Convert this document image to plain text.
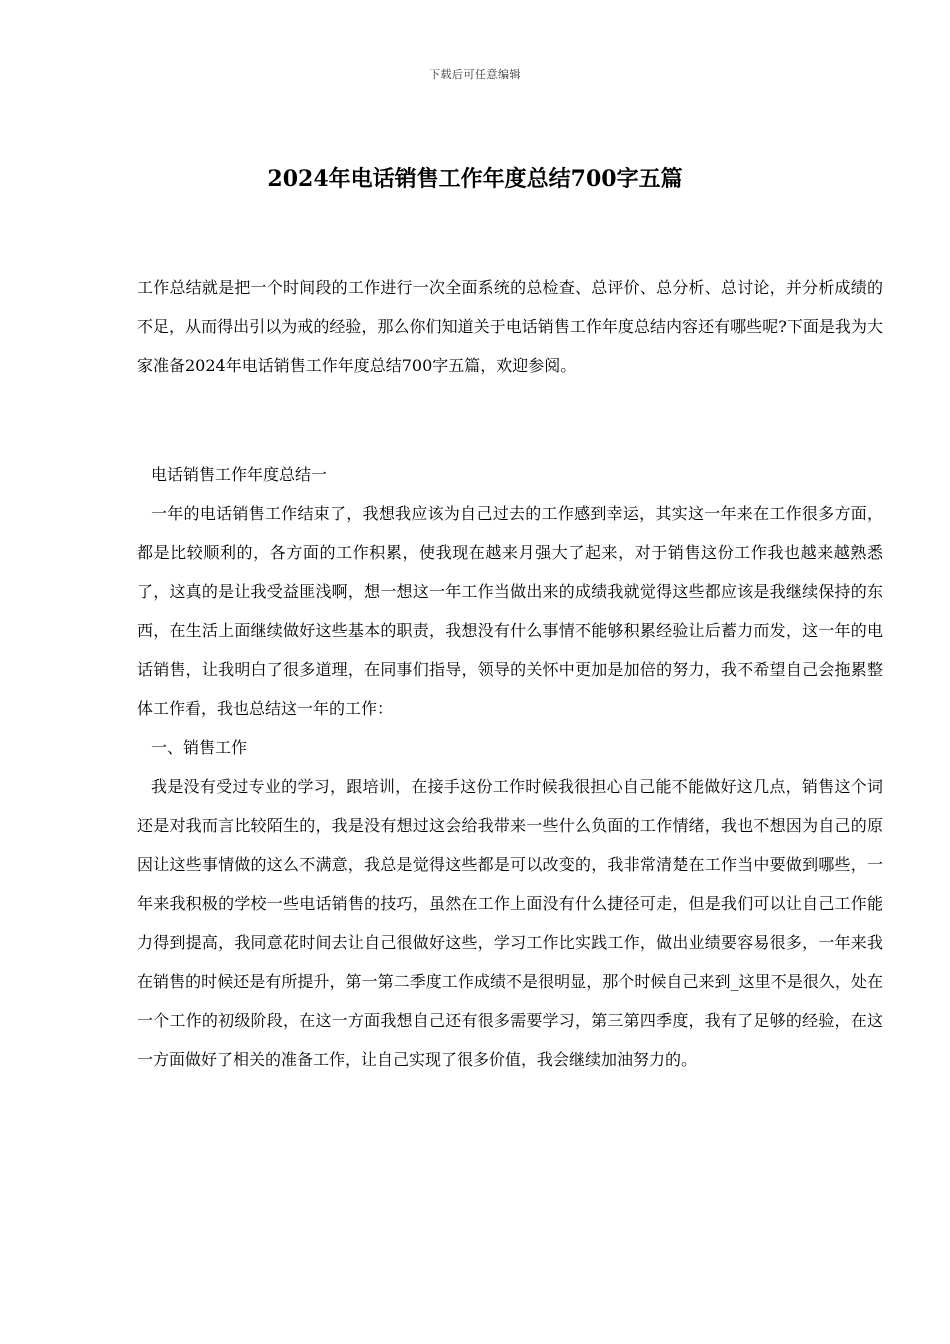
下载后可任意编辑
2024年电话销售工作年度总结700字五篇

工作总结就是把一个时间段的工作进行一次全面系统的总检查、总评价、总分析、总讨论，并分析成绩的不足，从而得出引以为戒的经验，那么你们知道关于电话销售工作年度总结内容还有哪些呢?下面是我为大家准备2024年电话销售工作年度总结700字五篇，欢迎参阅。

电话销售工作年度总结一
一年的电话销售工作结束了，我想我应该为自己过去的工作感到幸运，其实这一年来在工作很多方面，都是比较顺利的，各方面的工作积累，使我现在越来月强大了起来，对于销售这份工作我也越来越熟悉了，这真的是让我受益匪浅啊，想一想这一年工作当做出来的成绩我就觉得这些都应该是我继续保持的东西，在生活上面继续做好这些基本的职责，我想没有什么事情不能够积累经验让后蓄力而发，这一年的电话销售，让我明白了很多道理，在同事们指导，领导的关怀中更加是加倍的努力，我不希望自己会拖累整体工作看，我也总结这一年的工作：
一、销售工作
我是没有受过专业的学习，跟培训，在接手这份工作时候我很担心自己能不能做好这几点，销售这个词还是对我而言比较陌生的，我是没有想过这会给我带来一些什么负面的工作情绪，我也不想因为自己的原因让这些事情做的这么不满意，我总是觉得这些都是可以改变的，我非常清楚在工作当中要做到哪些，一年来我积极的学校一些电话销售的技巧，虽然在工作上面没有什么捷径可走，但是我们可以让自己工作能力得到提高，我同意花时间去让自己很做好这些，学习工作比实践工作，做出业绩要容易很多，一年来我在销售的时候还是有所提升，第一第二季度工作成绩不是很明显，那个时候自己来到_这里不是很久，处在一个工作的初级阶段，在这一方面我想自己还有很多需要学习，第三第四季度，我有了足够的经验，在这一方面做好了相关的准备工作，让自己实现了很多价值，我会继续加油努力的。
